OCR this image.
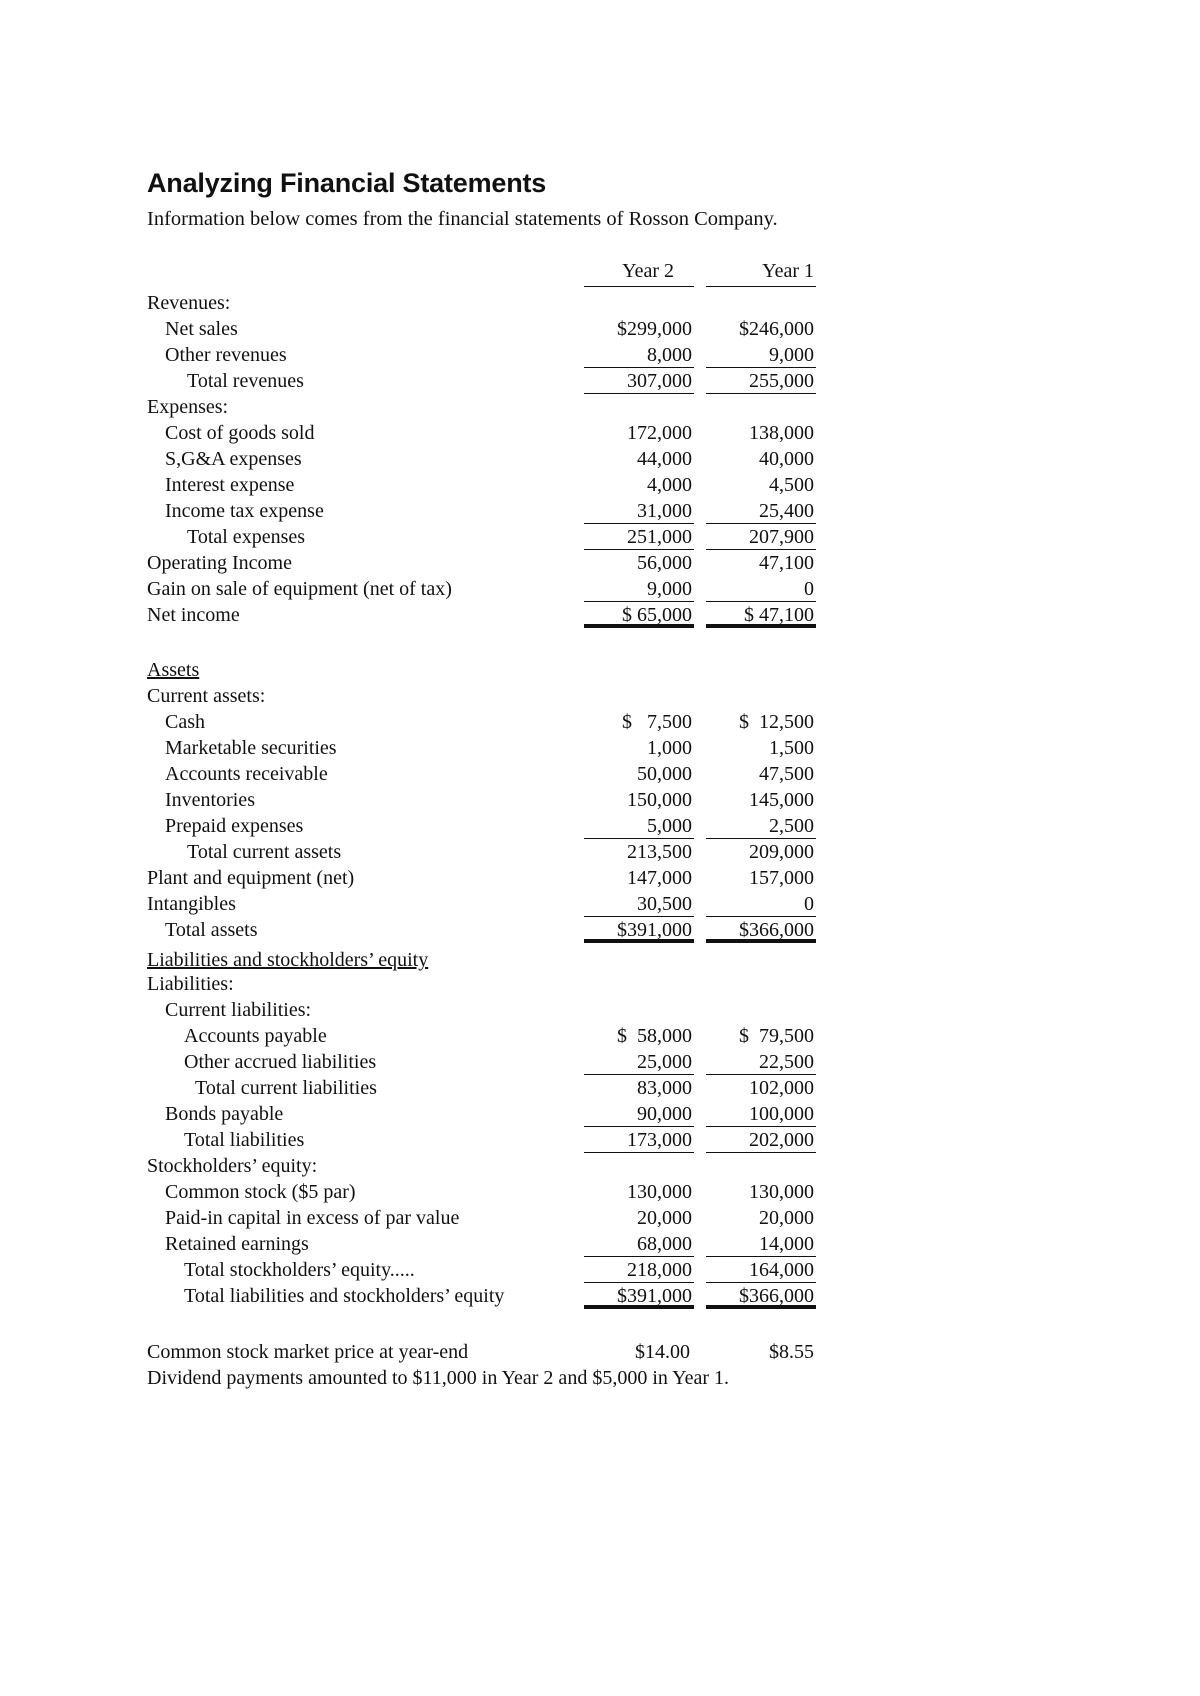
Analyzing Financial Statements
Information below comes from the financial statements of Rosson Company.
Year 2	Year 1
Revenues:
Net sales	$299,000	$246,000
Other revenues	8,000	9,000
Total revenues	307,000	255,000
Expenses:
Cost of goods sold	172,000	138,000
S,G&A expenses	44,000	40,000
Interest expense	4,000	4,500
Income tax expense	31,000	25,400
Total expenses	251,000	207,900
Operating Income	56,000	47,100
Gain on sale of equipment (net of tax)	9,000	0
Net income	$ 65,000	$ 47,100
Assets
Current assets:
Cash	$   7,500	$  12,500
Marketable securities	1,000	1,500
Accounts receivable	50,000	47,500
Inventories	150,000	145,000
Prepaid expenses	5,000	2,500
Total current assets	213,500	209,000
Plant and equipment (net)	147,000	157,000
Intangibles	30,500	0
Total assets	$391,000	$366,000
Liabilities and stockholders’ equity
Liabilities:
Current liabilities:
Accounts payable	$  58,000	$  79,500
Other accrued liabilities	25,000	22,500
Total current liabilities	83,000	102,000
Bonds payable	90,000	100,000
Total liabilities	173,000	202,000
Stockholders’ equity:
Common stock ($5 par)	130,000	130,000
Paid-in capital in excess of par value	20,000	20,000
Retained earnings	68,000	14,000
Total stockholders’ equity.....	218,000	164,000
Total liabilities and stockholders’ equity	$391,000	$366,000
Common stock market price at year-end	$14.00	$8.55
Dividend payments amounted to $11,000 in Year 2 and $5,000 in Year 1.
